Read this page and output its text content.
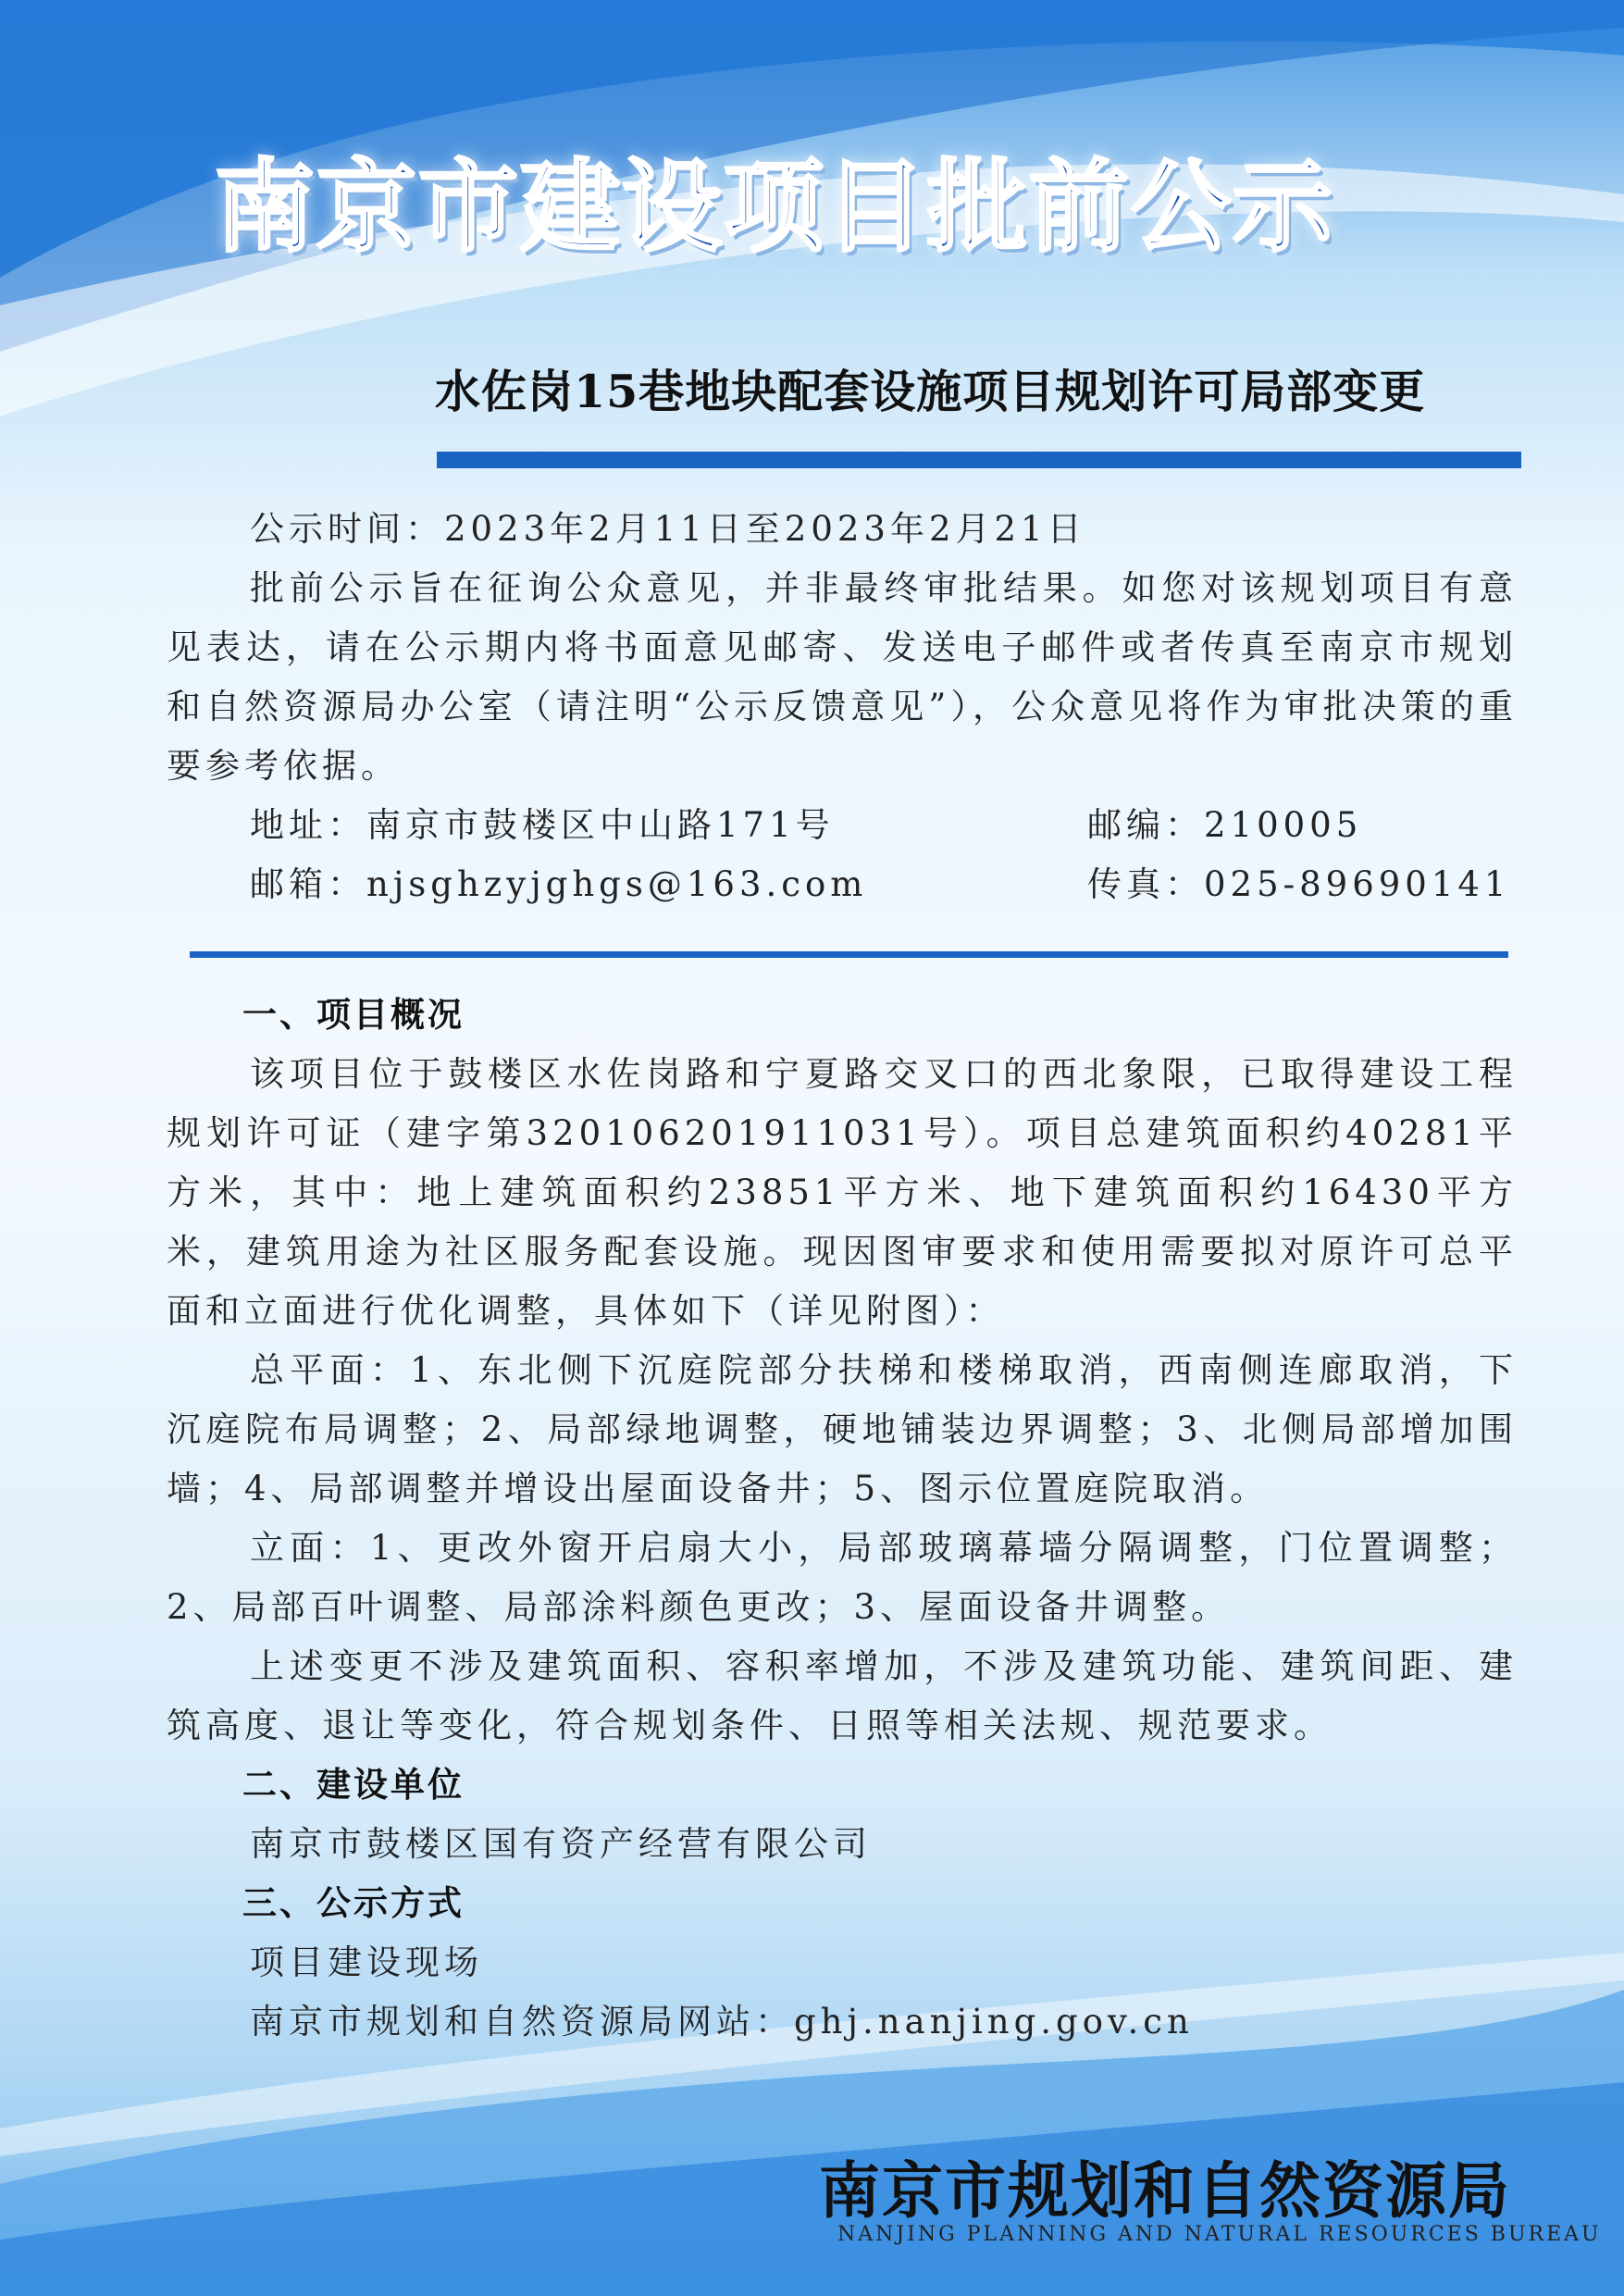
南京市建设项目批前公示
水佐岗15巷地块配套设施项目规划许可局部变更
公示时间：2023年2月11日至2023年2月21日
批前公示旨在征询公众意见，并非最终审批结果。如您对该规划项目有意见表达，请在公示期内将书面意见邮寄、发送电子邮件或者传真至南京市规划和自然资源局办公室（请注明“公示反馈意见”），公众意见将作为审批决策的重要参考依据。
地址：南京市鼓楼区中山路171号	邮编：210005
邮箱：njsghzyjghgs@163.com	传真：025-89690141
一、项目概况
该项目位于鼓楼区水佐岗路和宁夏路交叉口的西北象限，已取得建设工程规划许可证（建字第320106201911031号）。项目总建筑面积约40281平方米，其中：地上建筑面积约23851平方米、地下建筑面积约16430平方米，建筑用途为社区服务配套设施。现因图审要求和使用需要拟对原许可总平面和立面进行优化调整，具体如下（详见附图）：
总平面：1、东北侧下沉庭院部分扶梯和楼梯取消，西南侧连廊取消，下沉庭院布局调整；2、局部绿地调整，硬地铺装边界调整；3、北侧局部增加围墙；4、局部调整并增设出屋面设备井；5、图示位置庭院取消。
立面：1、更改外窗开启扇大小，局部玻璃幕墙分隔调整，门位置调整；2、局部百叶调整、局部涂料颜色更改；3、屋面设备井调整。
上述变更不涉及建筑面积、容积率增加，不涉及建筑功能、建筑间距、建筑高度、退让等变化，符合规划条件、日照等相关法规、规范要求。
二、建设单位
南京市鼓楼区国有资产经营有限公司
三、公示方式
项目建设现场
南京市规划和自然资源局网站：ghj.nanjing.gov.cn
南京市规划和自然资源局
NANJING PLANNING AND NATURAL RESOURCES BUREAU
